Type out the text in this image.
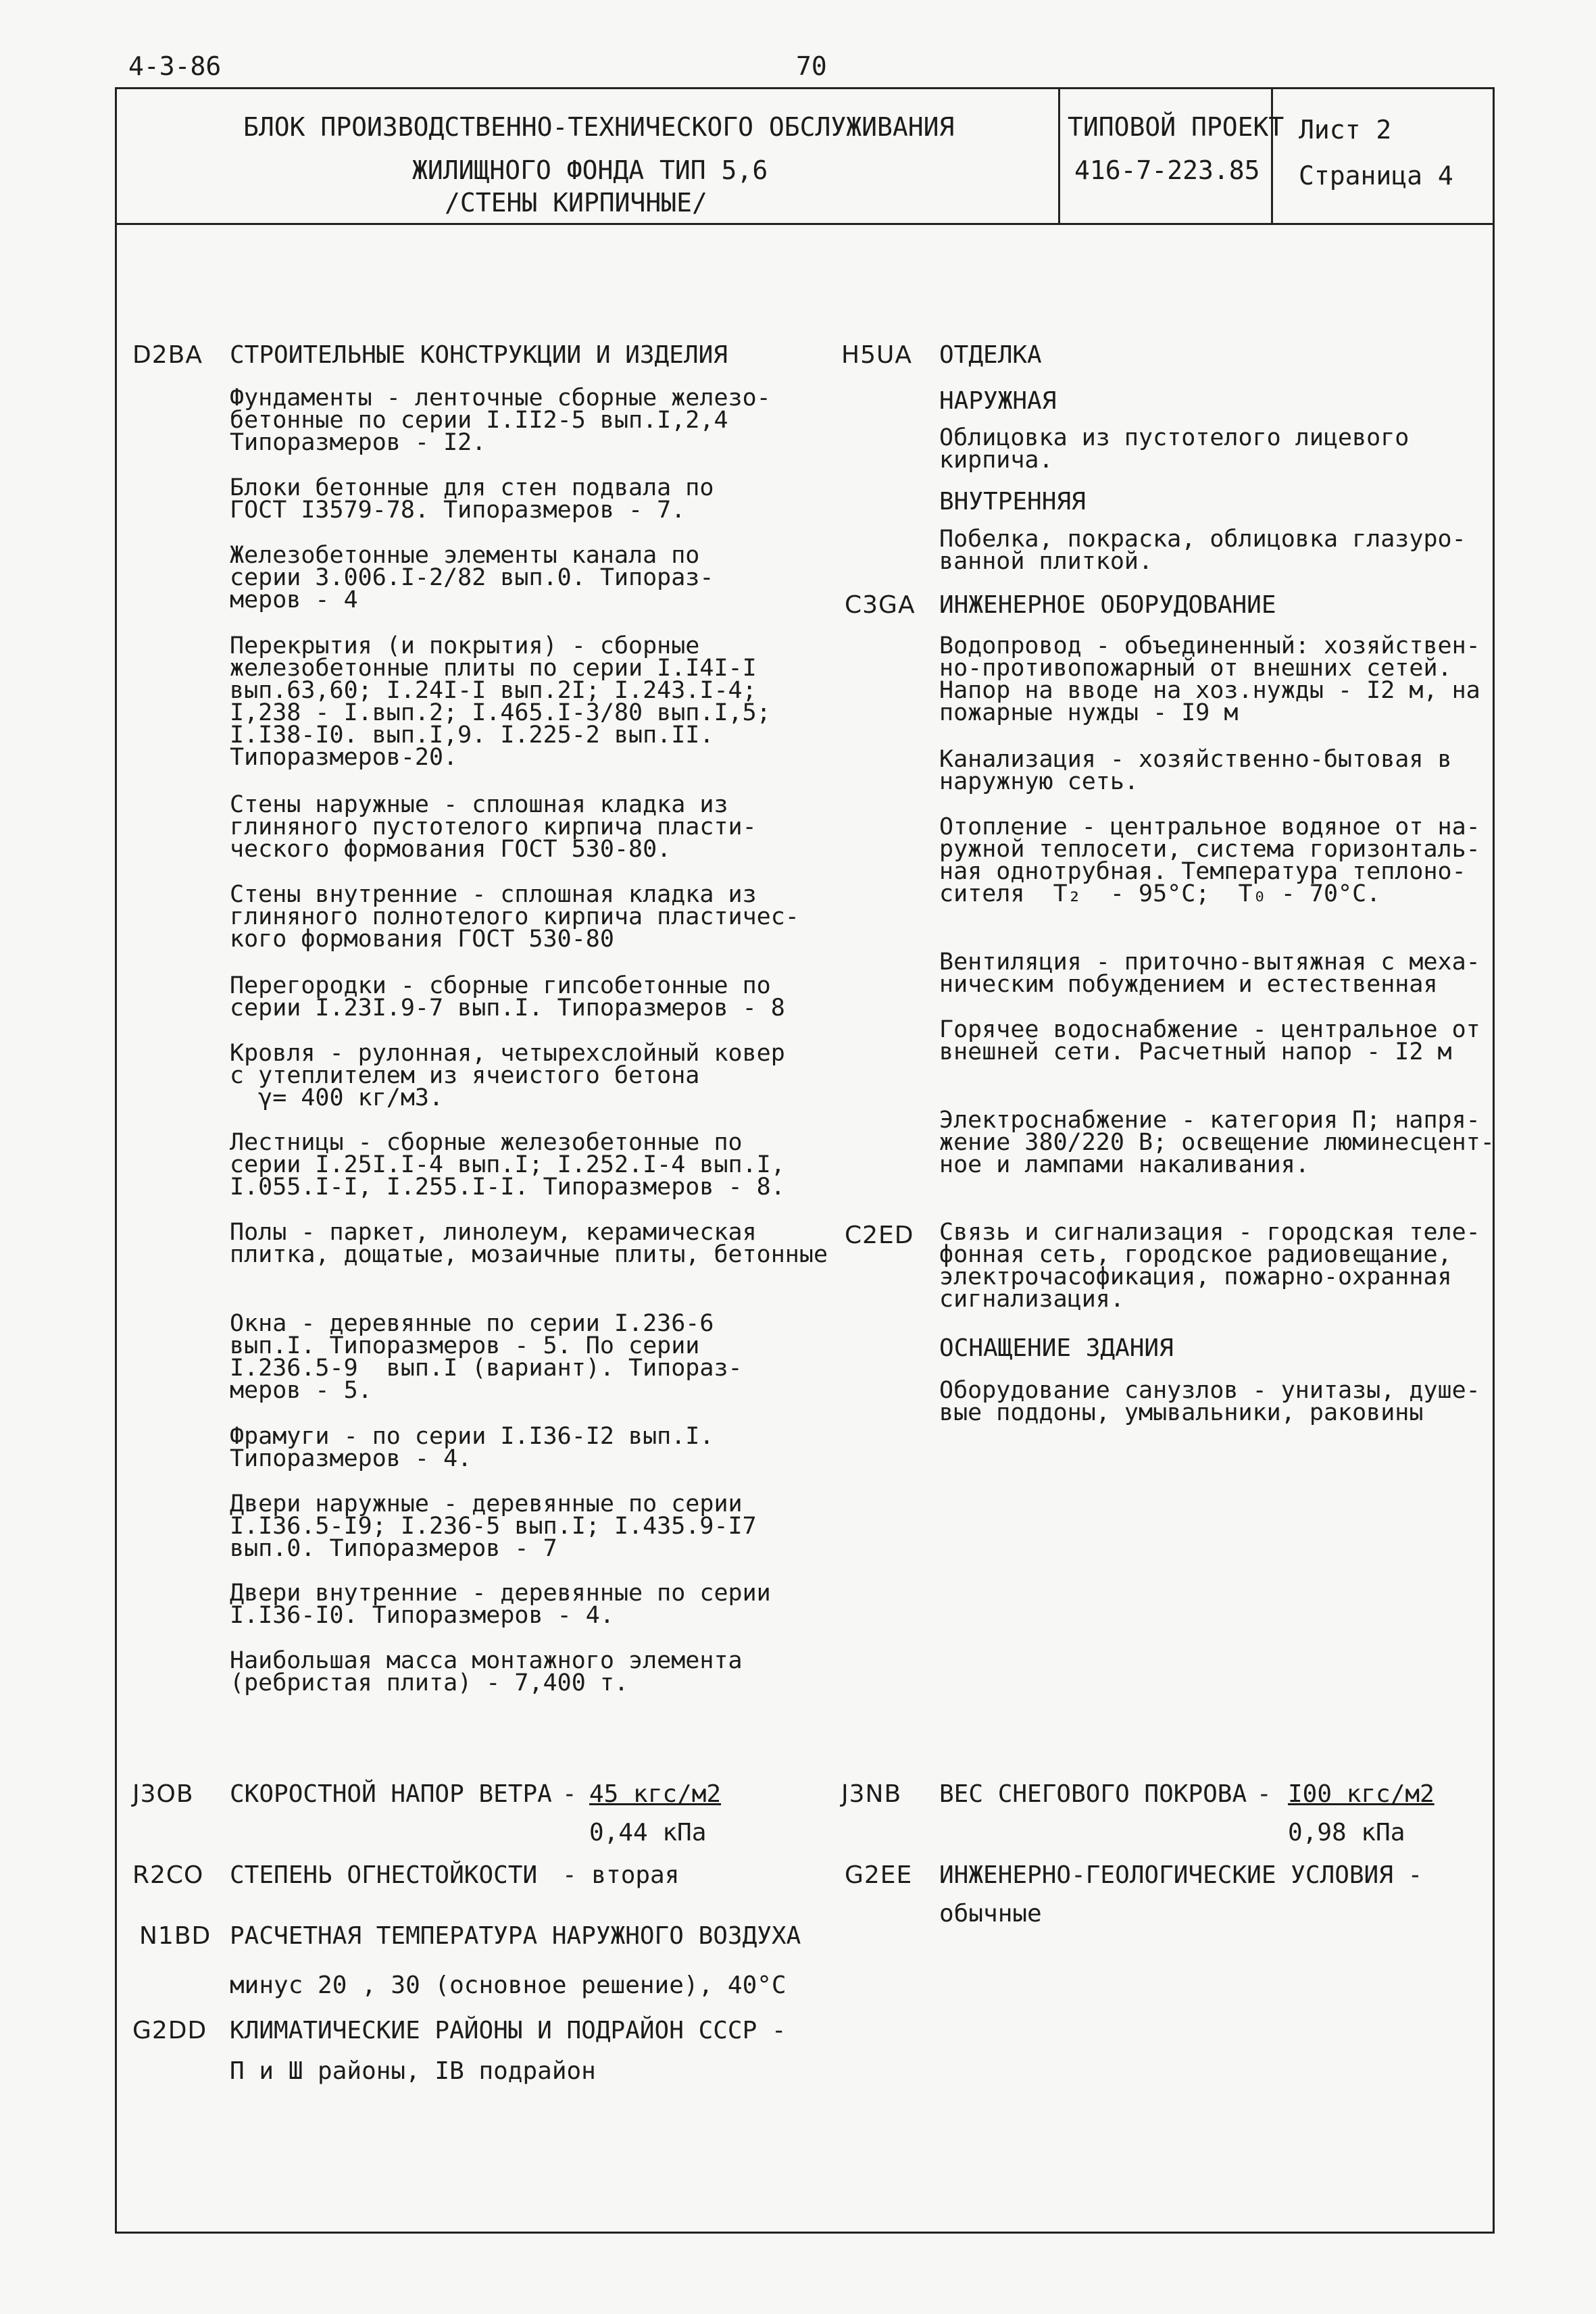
4-3-86	70
БЛОК ПРОИЗВОДСТВЕННО-ТЕХНИЧЕСКОГО ОБСЛУЖИВАНИЯ
ЖИЛИЩНОГО ФОНДА ТИП 5,6
/СТЕНЫ КИРПИЧНЫЕ/
ТИПОВОЙ ПРОЕКТ
416-7-223.85
Лист 2
Страница 4
D2BA СТРОИТЕЛЬНЫЕ КОНСТРУКЦИИ И ИЗДЕЛИЯ
Фундаменты - ленточные сборные железо-
бетонные по серии I.II2-5 вып.I,2,4
Типоразмеров - I2.
Блоки бетонные для стен подвала по
ГОСТ I3579-78. Типоразмеров - 7.
Железобетонные элементы канала по
серии 3.006.I-2/82 вып.0. Типораз-
меров - 4
Перекрытия (и покрытия) - сборные
железобетонные плиты по серии I.I4I-I
вып.63,60; I.24I-I вып.2I; I.243.I-4;
I,238 - I.вып.2; I.465.I-3/80 вып.I,5;
I.I38-I0. вып.I,9. I.225-2 вып.II.
Типоразмеров-20.
Стены наружные - сплошная кладка из
глиняного пустотелого кирпича пласти-
ческого формования ГОСТ 530-80.
Стены внутренние - сплошная кладка из
глиняного полнотелого кирпича пластичес-
кого формования ГОСТ 530-80
Перегородки - сборные гипсобетонные по
серии I.23I.9-7 вып.I. Типоразмеров - 8
Кровля - рулонная, четырехслойный ковер
с утеплителем из ячеистого бетона
γ= 400 кг/м3.
Лестницы - сборные железобетонные по
серии I.25I.I-4 вып.I; I.252.I-4 вып.I,
I.055.I-I, I.255.I-I. Типоразмеров - 8.
Полы - паркет, линолеум, керамическая
плитка, дощатые, мозаичные плиты, бетонные
Окна - деревянные по серии I.236-6
вып.I. Типоразмеров - 5. По серии
I.236.5-9  вып.I (вариант). Типораз-
меров - 5.
Фрамуги - по серии I.I36-I2 вып.I.
Типоразмеров - 4.
Двери наружные - деревянные по серии
I.I36.5-I9; I.236-5 вып.I; I.435.9-I7
вып.0. Типоразмеров - 7
Двери внутренние - деревянные по серии
I.I36-I0. Типоразмеров - 4.
Наибольшая масса монтажного элемента
(ребристая плита) - 7,400 т.
H5UA ОТДЕЛКА
НАРУЖНАЯ
Облицовка из пустотелого лицевого
кирпича.
ВНУТРЕННЯЯ
Побелка, покраска, облицовка глазуро-
ванной плиткой.
C3GA ИНЖЕНЕРНОЕ ОБОРУДОВАНИЕ
Водопровод - объединенный: хозяйствен-
но-противопожарный от внешних сетей.
Напор на вводе на хоз.нужды - I2 м, на
пожарные нужды - I9 м
Канализация - хозяйственно-бытовая в
наружную сеть.
Отопление - центральное водяное от на-
ружной теплосети, система горизонталь-
ная однотрубная. Температура теплоно-
сителя  T₂  - 95°C;  T₀ - 70°C.
Вентиляция - приточно-вытяжная с меха-
ническим побуждением и естественная
Горячее водоснабжение - центральное от
внешней сети. Расчетный напор - I2 м
Электроснабжение - категория П; напря-
жение 380/220 В; освещение люминесцент-
ное и лампами накаливания.
C2ED Связь и сигнализация - городская теле-
фонная сеть, городское радиовещание,
электрочасофикация, пожарно-охранная
сигнализация.
ОСНАЩЕНИЕ ЗДАНИЯ
Оборудование санузлов - унитазы, душе-
вые поддоны, умывальники, раковины
J3OB СКОРОСТНОЙ НАПОР ВЕТРА - 45 кгс/м2
0,44 кПа
J3NB ВЕС СНЕГОВОГО ПОКРОВА - I00 кгс/м2
0,98 кПа
R2CO СТЕПЕНЬ ОГНЕСТОЙКОСТИ - вторая	G2EE ИНЖЕНЕРНО-ГЕОЛОГИЧЕСКИЕ УСЛОВИЯ -
обычные
N1BD РАСЧЕТНАЯ ТЕМПЕРАТУРА НАРУЖНОГО ВОЗДУХА
минус 20 , 30 (основное решение), 40°C
G2DD КЛИМАТИЧЕСКИЕ РАЙОНЫ И ПОДРАЙОН СССР -
П и Ш районы, IВ подрайон
